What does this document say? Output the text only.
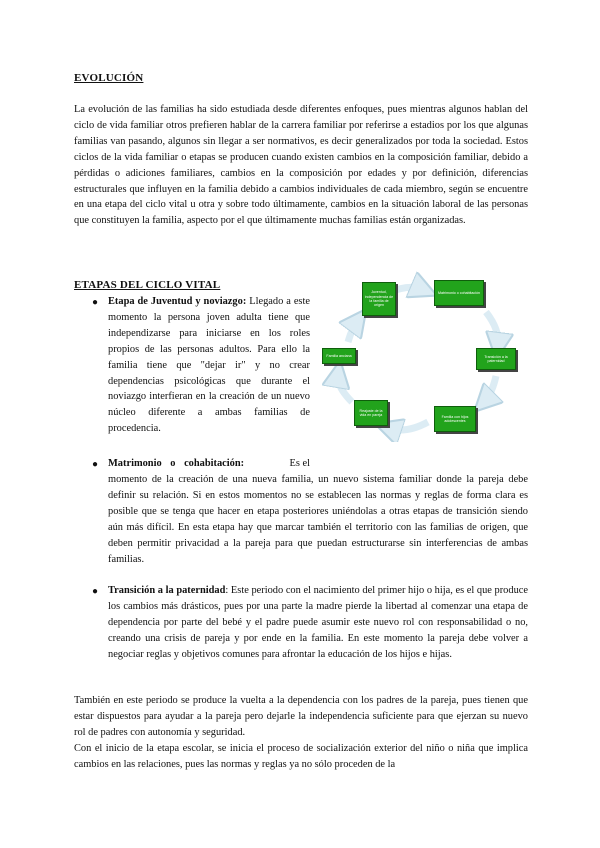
EVOLUCIÓN

La evolución de las familias ha sido estudiada desde diferentes enfoques, pues mientras algunos hablan del ciclo de vida familiar otros prefieren hablar de la carrera familiar por referirse a estadios por los que algunas familias van pasando, algunos sin llegar a ser normativos, es decir generalizados por toda la sociedad. Estos ciclos de la vida familiar o etapas se producen cuando existen cambios en la composición familiar, debido a pérdidas o adiciones familiares, cambios en la composición por edades y por definición, diferencias estructurales que influyen en la familia debido a cambios individuales de cada miembro, según se encuentre en una etapa del ciclo vital u otra y sobre todo últimamente, cambios en la situación laboral de las personas que constituyen la familia, aspecto por el que últimamente muchas familias están organizadas.

ETAPAS DEL CICLO VITAL
● Etapa de Juventud y noviazgo: Llegado a este momento la persona joven adulta tiene que independizarse para iniciarse en los roles propios de las personas adultos. Para ello la familia tiene que "dejar ir" y no crear dependencias psicológicas que durante el noviazgo interfieran en la creación de un nuevo núcleo diferente a ambas familias de procedencia.

Juventud, independencia de la familia de origen
Matrimonio o cohabitación
Transición a la paternidad
Familia con hijos adolescentes
Reajuste de la vida en pareja
Familia anciana
● Matrimonio o cohabitación:	Es el

momento de la creación de una nueva familia, un nuevo sistema familiar donde la pareja debe definir su relación. Si en estos momentos no se establecen las normas y reglas de forma clara es posible que se tenga que hacer en etapa posteriores uniéndolas a otras etapas de transición siendo aún más difícil. En esta etapa hay que marcar también el territorio con las familias de origen, que deben permitir privacidad a la pareja para que puedan estructurarse sin interferencias de ambas familias.

● Transición a la paternidad: Este periodo con el nacimiento del primer hijo o hija, es el que produce los cambios más drásticos, pues por una parte la madre pierde la libertad al comenzar una etapa de dependencia por parte del bebé y el padre puede asumir este nuevo rol con responsabilidad o no, creando una crisis de pareja y por ende en la familia. En este momento la pareja debe volver a negociar reglas y objetivos comunes para afrontar la educación de los hijos e hijas.

También en este periodo se produce la vuelta a la dependencia con los padres de la pareja, pues tienen que estar dispuestos para ayudar a la pareja pero dejarle la independencia suficiente para que ejerzan su nuevo rol de padres con autonomía y seguridad.

Con el inicio de la etapa escolar, se inicia el proceso de socialización exterior del niño o niña que implica cambios en las relaciones, pues las normas y reglas ya no sólo proceden de la
